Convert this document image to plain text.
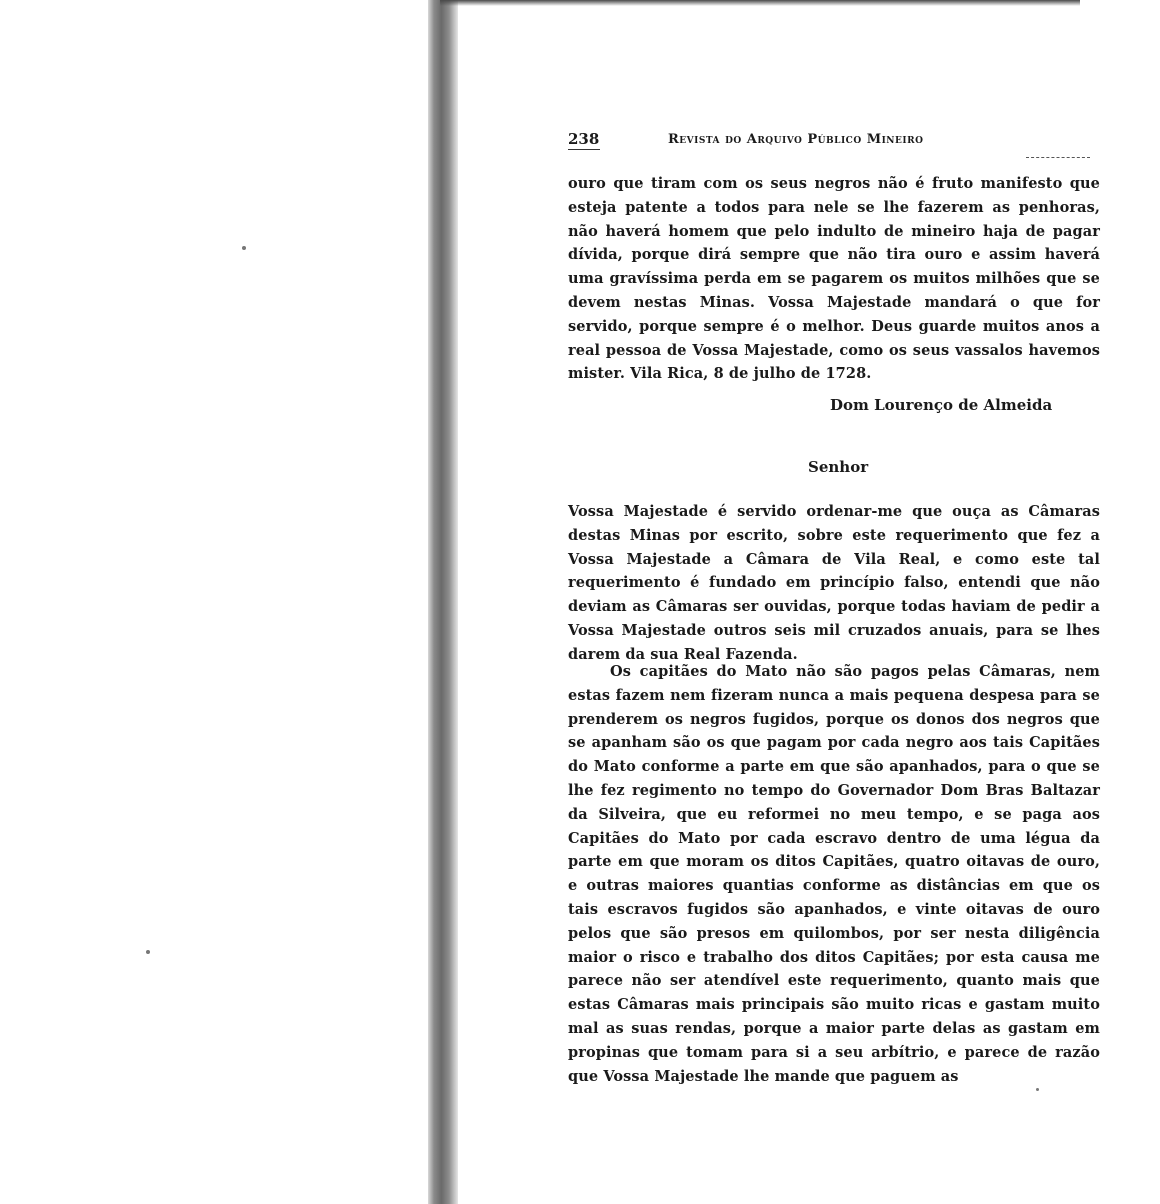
238	Revista do Arquivo Público Mineiro

ouro que tiram com os seus negros não é fruto manifesto que esteja patente a todos para nele se lhe fazerem as penhoras, não haverá homem que pelo indulto de mineiro haja de pagar dívida, porque dirá sempre que não tira ouro e assim haverá uma gravíssima perda em se pagarem os muitos milhões que se devem nestas Minas. Vossa Majestade mandará o que for servido, porque sempre é o melhor. Deus guarde muitos anos a real pessoa de Vossa Majestade, como os seus vassalos havemos mister. Vila Rica, 8 de julho de 1728.

Dom Lourenço de Almeida
Senhor

Vossa Majestade é servido ordenar-me que ouça as Câmaras destas Minas por escrito, sobre este requerimento que fez a Vossa Majestade a Câmara de Vila Real, e como este tal requerimento é fundado em princípio falso, entendi que não deviam as Câmaras ser ouvidas, porque todas haviam de pedir a Vossa Majestade outros seis mil cruzados anuais, para se lhes darem da sua Real Fazenda.

Os capitães do Mato não são pagos pelas Câmaras, nem estas fazem nem fizeram nunca a mais pequena despesa para se prenderem os negros fugidos, porque os donos dos negros que se apanham são os que pagam por cada negro aos tais Capitães do Mato conforme a parte em que são apanhados, para o que se lhe fez regimento no tempo do Governador Dom Bras Baltazar da Silveira, que eu reformei no meu tempo, e se paga aos Capitães do Mato por cada escravo dentro de uma légua da parte em que moram os ditos Capitães, quatro oitavas de ouro, e outras maiores quantias conforme as distâncias em que os tais escravos fugidos são apanhados, e vinte oitavas de ouro pelos que são presos em quilombos, por ser nesta diligência maior o risco e trabalho dos ditos Capitães; por esta causa me parece não ser atendível este requerimento, quanto mais que estas Câmaras mais principais são muito ricas e gastam muito mal as suas rendas, porque a maior parte delas as gastam em propinas que tomam para si a seu arbítrio, e parece de razão que Vossa Majestade lhe mande que paguem as
